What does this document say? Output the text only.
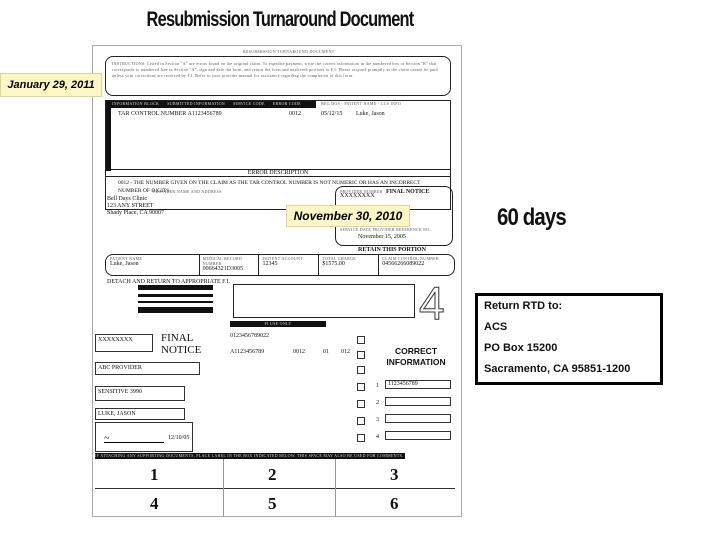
Resubmission Turnaround Document
RESUBMISSION TURNAROUND DOCUMENT
INSTRUCTIONS: Listed in Section "A" are errors found on the original claim. To expedite payment, write the correct information in the numbered box of Section "B" that corresponds to numbered line in Section "A", sign and date the form, and return the form and unaltered portions to F.I. Please respond promptly as the claim cannot be paid unless your corrections are received by F.I. Refer to your provider manual for assistance regarding the completion of this form.
INFORMATION BLOCK SUBMITTED INFORMATION SERVICE CODE ERROR CODE	BEG DOS - PATIENT NAME - CCS INFO
TAR CONTROL NUMBER A1123456789	0012	05/12/15 Luke, Jason
ERROR DESCRIPTION
0012 - THE NUMBER GIVEN ON THE CLAIM AS THE TAR CONTROL NUMBER IS NOT NUMERIC OR HAS AN INCORRECT NUMBER OF DIGITS
PROVIDER NAME AND ADDRESS
Bell Days Clinic
123 ANY STREET
Shady Place, CA 90007
PROVIDER NUMBER
XXXXXXXX
FINAL NOTICE
SERVICE DATE PROVIDER REFERENCE NO.
November 15, 2005
RETAIN THIS PORTION
PATIENT NAME
Luke, Jason
MEDICAL RECORD NUMBER
00664321D3005
PATIENT ACCOUNT
12345
TOTAL CHARGE
$1575.00
CLAIM CONTROL NUMBER
04566266089022
DETACH AND RETURN TO APPROPRIATE F.I.	4
XXXXXXXX	FINAL NOTICE
ABC PROVIDER
SENSITIVE 3990
LUKE, JASON
~	12/10/05
FI USE ONLY
0123456789022
A1123456789	0012	01 012	CORRECT INFORMATION
1	1123456789
2
3
4
IF ATTACHING ANY SUPPORTING DOCUMENTS, PLACE LABEL IN THE BOX INDICATED BELOW. THIS SPACE MAY ALSO BE USED FOR COMMENTS.
1	2	3
4	5	6
January 29, 2011
November 30, 2010	60 days
Return RTD to:
ACS
PO Box 15200
Sacramento, CA 95851-1200
